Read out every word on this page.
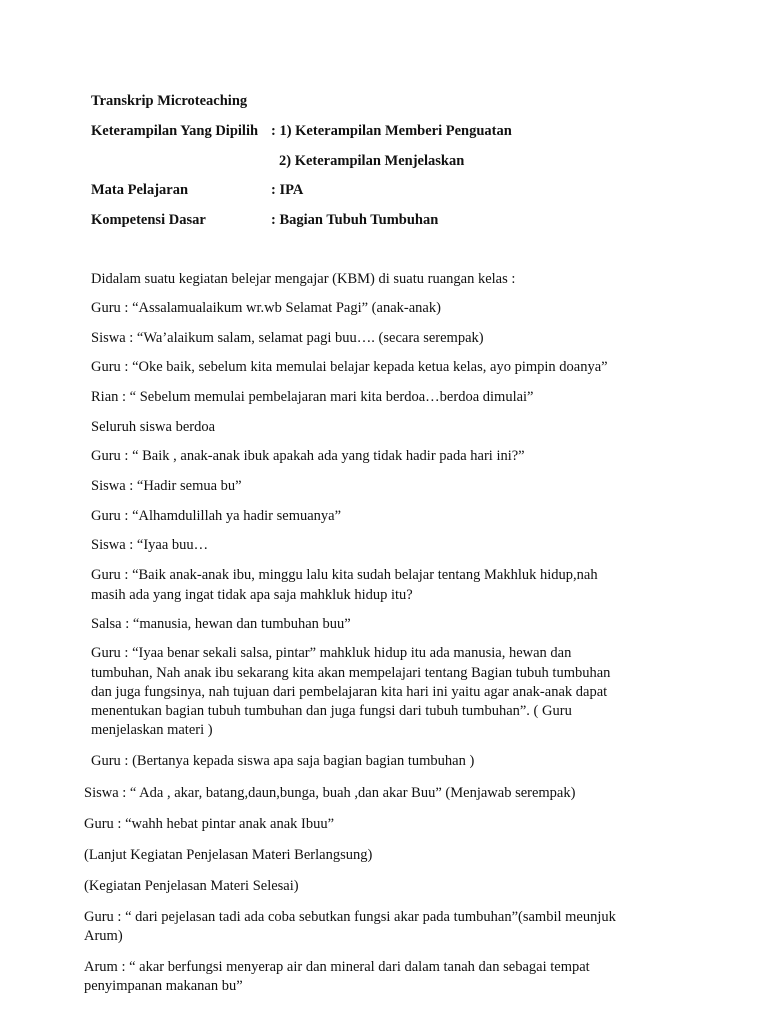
Transkrip Microteaching
Keterampilan Yang Dipilih : 1) Keterampilan Memberi Penguatan
2) Keterampilan Menjelaskan
Mata Pelajaran	: IPA
Kompetensi Dasar	: Bagian Tubuh Tumbuhan
Didalam suatu kegiatan belejar mengajar (KBM) di suatu ruangan kelas :
Guru : “Assalamualaikum wr.wb Selamat Pagi” (anak-anak)
Siswa : “Wa’alaikum salam, selamat pagi buu…. (secara serempak)
Guru : “Oke baik, sebelum kita memulai belajar kepada ketua kelas, ayo pimpin doanya”
Rian : “ Sebelum memulai pembelajaran mari kita berdoa…berdoa dimulai”
Seluruh siswa berdoa
Guru : “ Baik , anak-anak ibuk apakah ada yang tidak hadir pada hari ini?”
Siswa : “Hadir semua bu”
Guru : “Alhamdulillah ya hadir semuanya”
Siswa : “Iyaa buu…
Guru : “Baik anak-anak ibu, minggu lalu kita sudah belajar tentang Makhluk hidup,nah
masih ada yang ingat tidak apa saja mahkluk hidup itu?
Salsa : “manusia, hewan dan tumbuhan buu”
Guru : “Iyaa benar sekali salsa, pintar” mahkluk hidup itu ada manusia, hewan dan
tumbuhan, Nah anak ibu sekarang kita akan mempelajari tentang Bagian tubuh tumbuhan
dan juga fungsinya, nah tujuan dari pembelajaran kita hari ini yaitu agar anak-anak dapat
menentukan bagian tubuh tumbuhan dan juga fungsi dari tubuh tumbuhan”. ( Guru
menjelaskan materi )
Guru : (Bertanya kepada siswa apa saja bagian bagian tumbuhan )
Siswa : “ Ada , akar, batang,daun,bunga, buah ,dan akar Buu” (Menjawab serempak)
Guru : “wahh hebat pintar anak anak Ibuu”
(Lanjut Kegiatan Penjelasan Materi Berlangsung)
(Kegiatan Penjelasan Materi Selesai)
Guru : “ dari pejelasan tadi ada coba sebutkan fungsi akar pada tumbuhan”(sambil meunjuk
Arum)
Arum : “ akar berfungsi menyerap air dan mineral dari dalam tanah dan sebagai tempat
penyimpanan makanan bu”
